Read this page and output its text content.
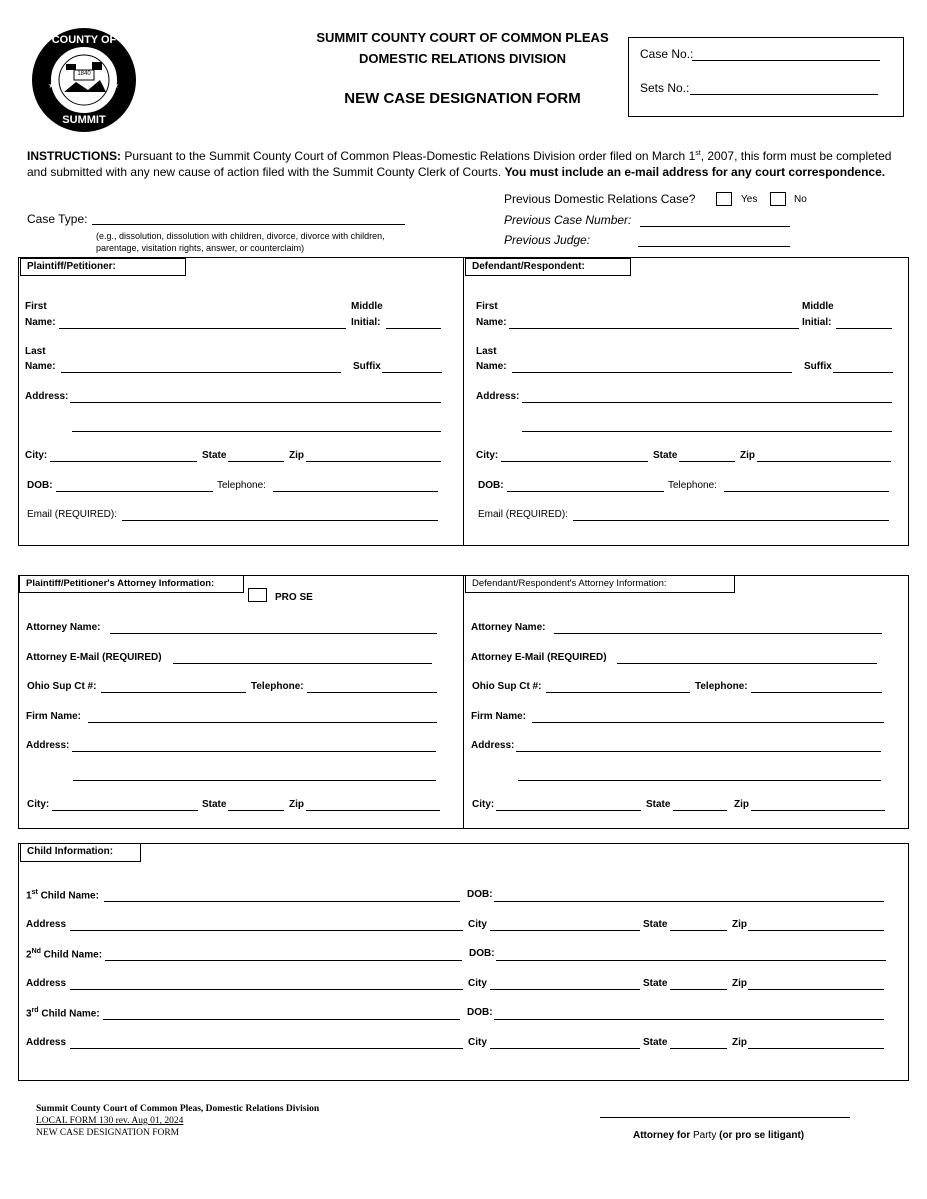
★	★
COUNTY OF
SUMMIT
1840
SUMMIT COUNTY COURT OF COMMON PLEAS
DOMESTIC RELATIONS DIVISION
NEW CASE DESIGNATION FORM
Case No.:
Sets No.:
INSTRUCTIONS: Pursuant to the Summit County Court of Common Pleas-Domestic Relations Division order filed on March 1st, 2007, this form must be completed and submitted with any new cause of action filed with the Summit County Clerk of Courts. You must include an e-mail address for any court correspondence.
Previous Domestic Relations Case?	Yes	No
Previous Case Number:
Previous Judge:
Case Type:
(e.g., dissolution, dissolution with children, divorce, divorce with children,
parentage, visitation rights, answer, or counterclaim)
Plaintiff/Petitioner:	Defendant/Respondent:
First
Name:
Middle
Initial:
Last
Name:	Suffix
Address:
City:	State	Zip
DOB:	Telephone:
Email (REQUIRED):
First
Name:
Middle
Initial:
Last
Name:	Suffix
Address:
City:	State	Zip
DOB:	Telephone:
Email (REQUIRED):
Plaintiff/Petitioner's Attorney Information:	Defendant/Respondent's Attorney Information:
PRO SE
Attorney Name:
Attorney E-Mail (REQUIRED)
Ohio Sup Ct #:	Telephone:
Firm Name:
Address:
City:	State	Zip
Attorney Name:
Attorney E-Mail (REQUIRED)
Ohio Sup Ct #:	Telephone:
Firm Name:
Address:
City:	State	Zip
Child Information:
1st Child Name:	DOB:
Address	City	State	Zip
2Nd Child Name:	DOB:
Address	City	State	Zip
3rd Child Name:	DOB:
Address	City	State	Zip
Summit County Court of Common Pleas, Domestic Relations Division
LOCAL FORM 130 rev. Aug 01, 2024
NEW CASE DESIGNATION FORM	Attorney for Party (or pro se litigant)
